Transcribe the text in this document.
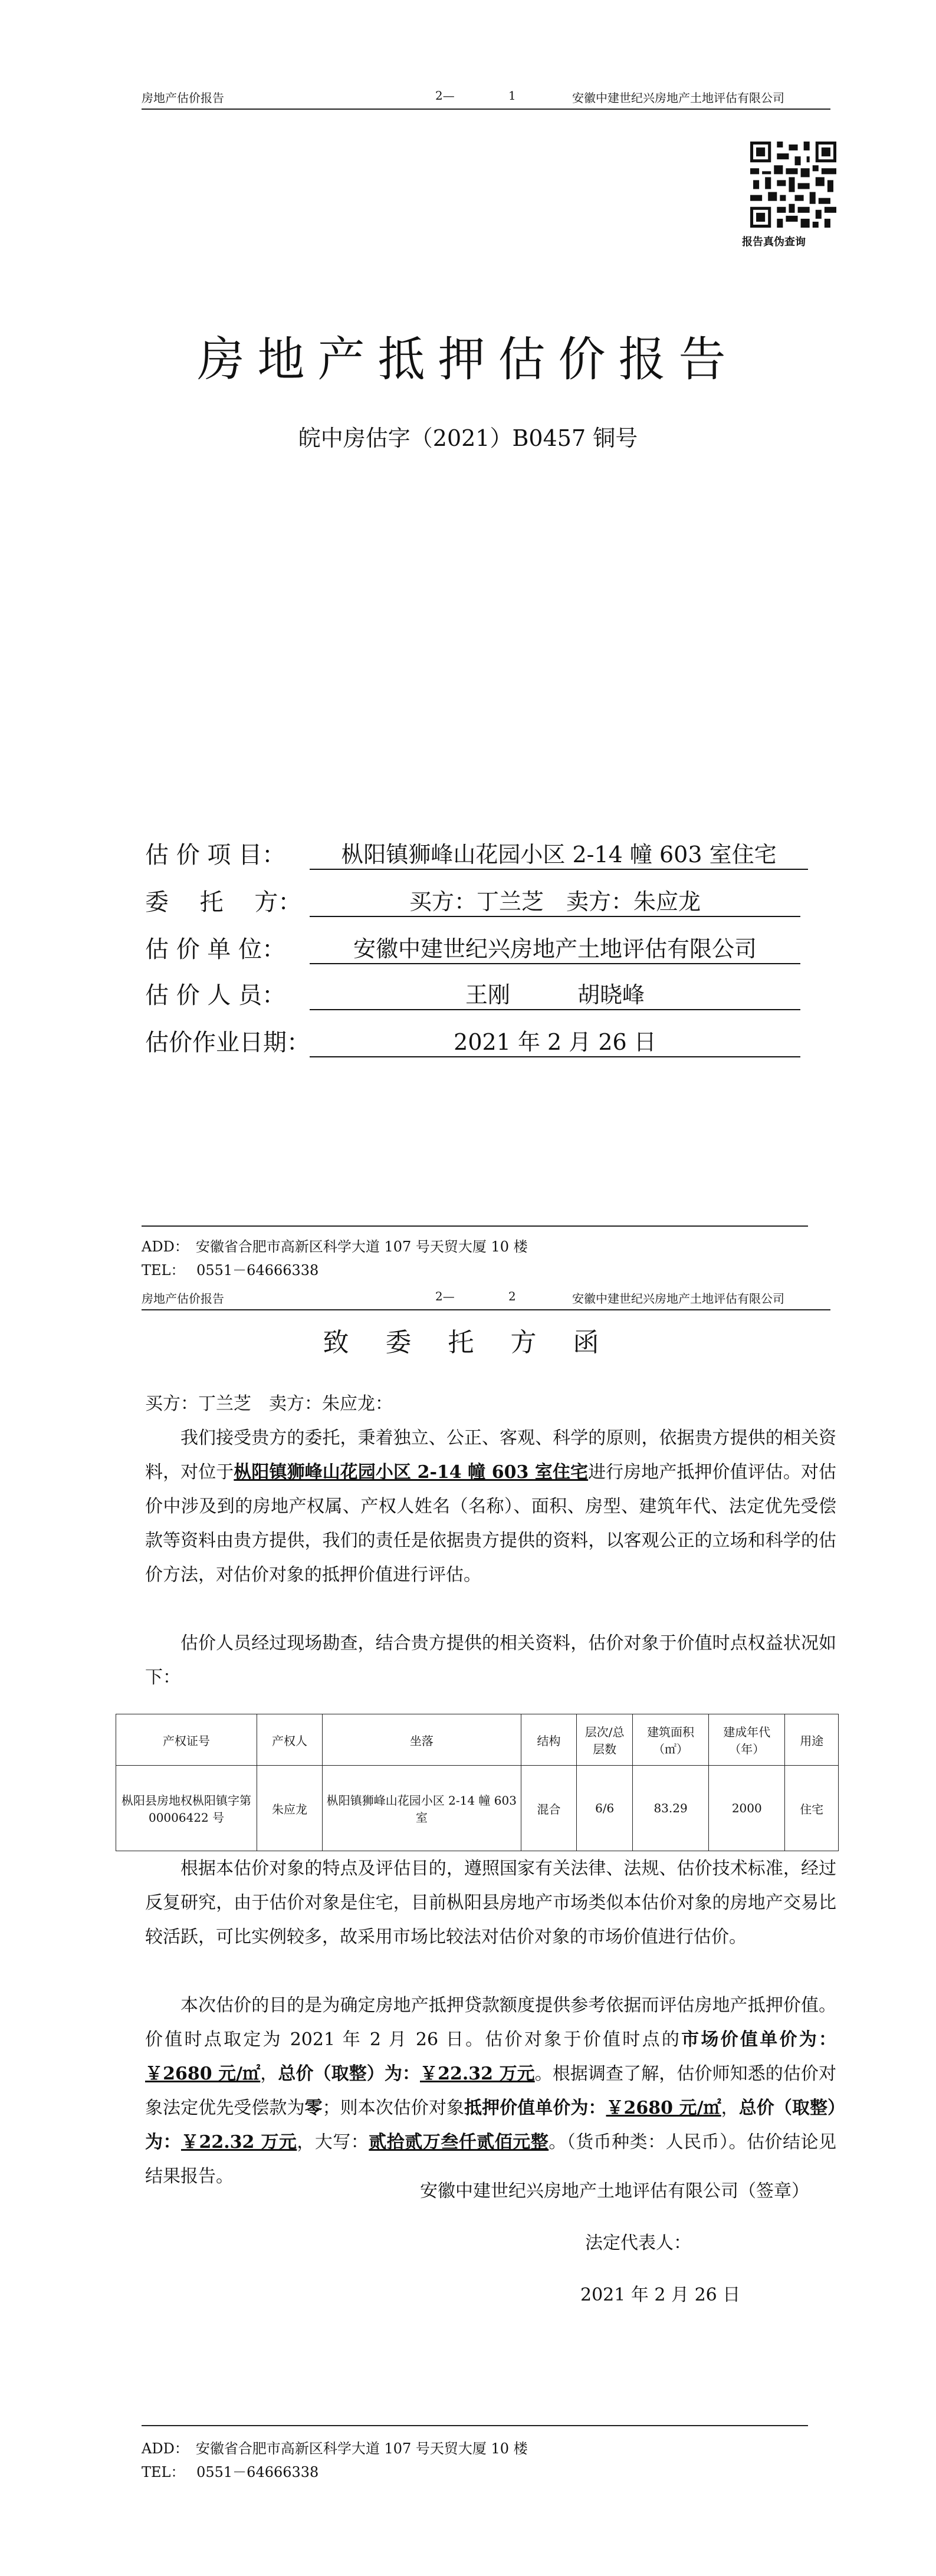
房地产估价报告	2—	1	安徽中建世纪兴房地产土地评估有限公司
报告真伪查询
房地产抵押估价报告
皖中房估字（2021）B0457 铜号
估 价 项 目：	枞阳镇狮峰山花园小区 2-14 幢 603 室住宅
委　 托　 方：	买方：丁兰芝　卖方：朱应龙
估 价 单 位：	安徽中建世纪兴房地产土地评估有限公司
估 价 人 员：	王刚　　　胡晓峰
估价作业日期：	2021 年 2 月 26 日
ADD：　安徽省合肥市高新区科学大道 107 号天贸大厦 10 楼
TEL：　 0551－64666338
房地产估价报告	2—	2	安徽中建世纪兴房地产土地评估有限公司
致 委 托 方 函
买方：丁兰芝　卖方：朱应龙：
我们接受贵方的委托，秉着独立、公正、客观、科学的原则，依据贵方提供的相关资料，对位于枞阳镇狮峰山花园小区 2-14 幢 603 室住宅进行房地产抵押价值评估。对估价中涉及到的房地产权属、产权人姓名（名称）、面积、房型、建筑年代、法定优先受偿款等资料由贵方提供，我们的责任是依据贵方提供的资料，以客观公正的立场和科学的估价方法，对估价对象的抵押价值进行评估。
估价人员经过现场勘查，结合贵方提供的相关资料，估价对象于价值时点权益状况如下：
产权证号	产权人	坐落	结构	层次/总层数	建筑面积（㎡）	建成年代（年）	用途
枞阳县房地权枞阳镇字第 00006422 号	朱应龙	枞阳镇狮峰山花园小区 2-14 幢 603 室	混合	6/6	83.29	2000	住宅
根据本估价对象的特点及评估目的，遵照国家有关法律、法规、估价技术标准，经过反复研究，由于估价对象是住宅，目前枞阳县房地产市场类似本估价对象的房地产交易比较活跃，可比实例较多，故采用市场比较法对估价对象的市场价值进行估价。
本次估价的目的是为确定房地产抵押贷款额度提供参考依据而评估房地产抵押价值。价值时点取定为 2021 年 2 月 26 日。估价对象于价值时点的市场价值单价为：￥2680 元/㎡，总价（取整）为：￥22.32 万元。根据调查了解，估价师知悉的估价对象法定优先受偿款为零；则本次估价对象抵押价值单价为：￥2680 元/㎡，总价（取整）为：￥22.32 万元，大写：贰拾贰万叁仟贰佰元整。（货币种类：人民币）。估价结论见结果报告。
安徽中建世纪兴房地产土地评估有限公司（签章）
法定代表人：
2021 年 2 月 26 日
ADD：　安徽省合肥市高新区科学大道 107 号天贸大厦 10 楼
TEL：　 0551－64666338
